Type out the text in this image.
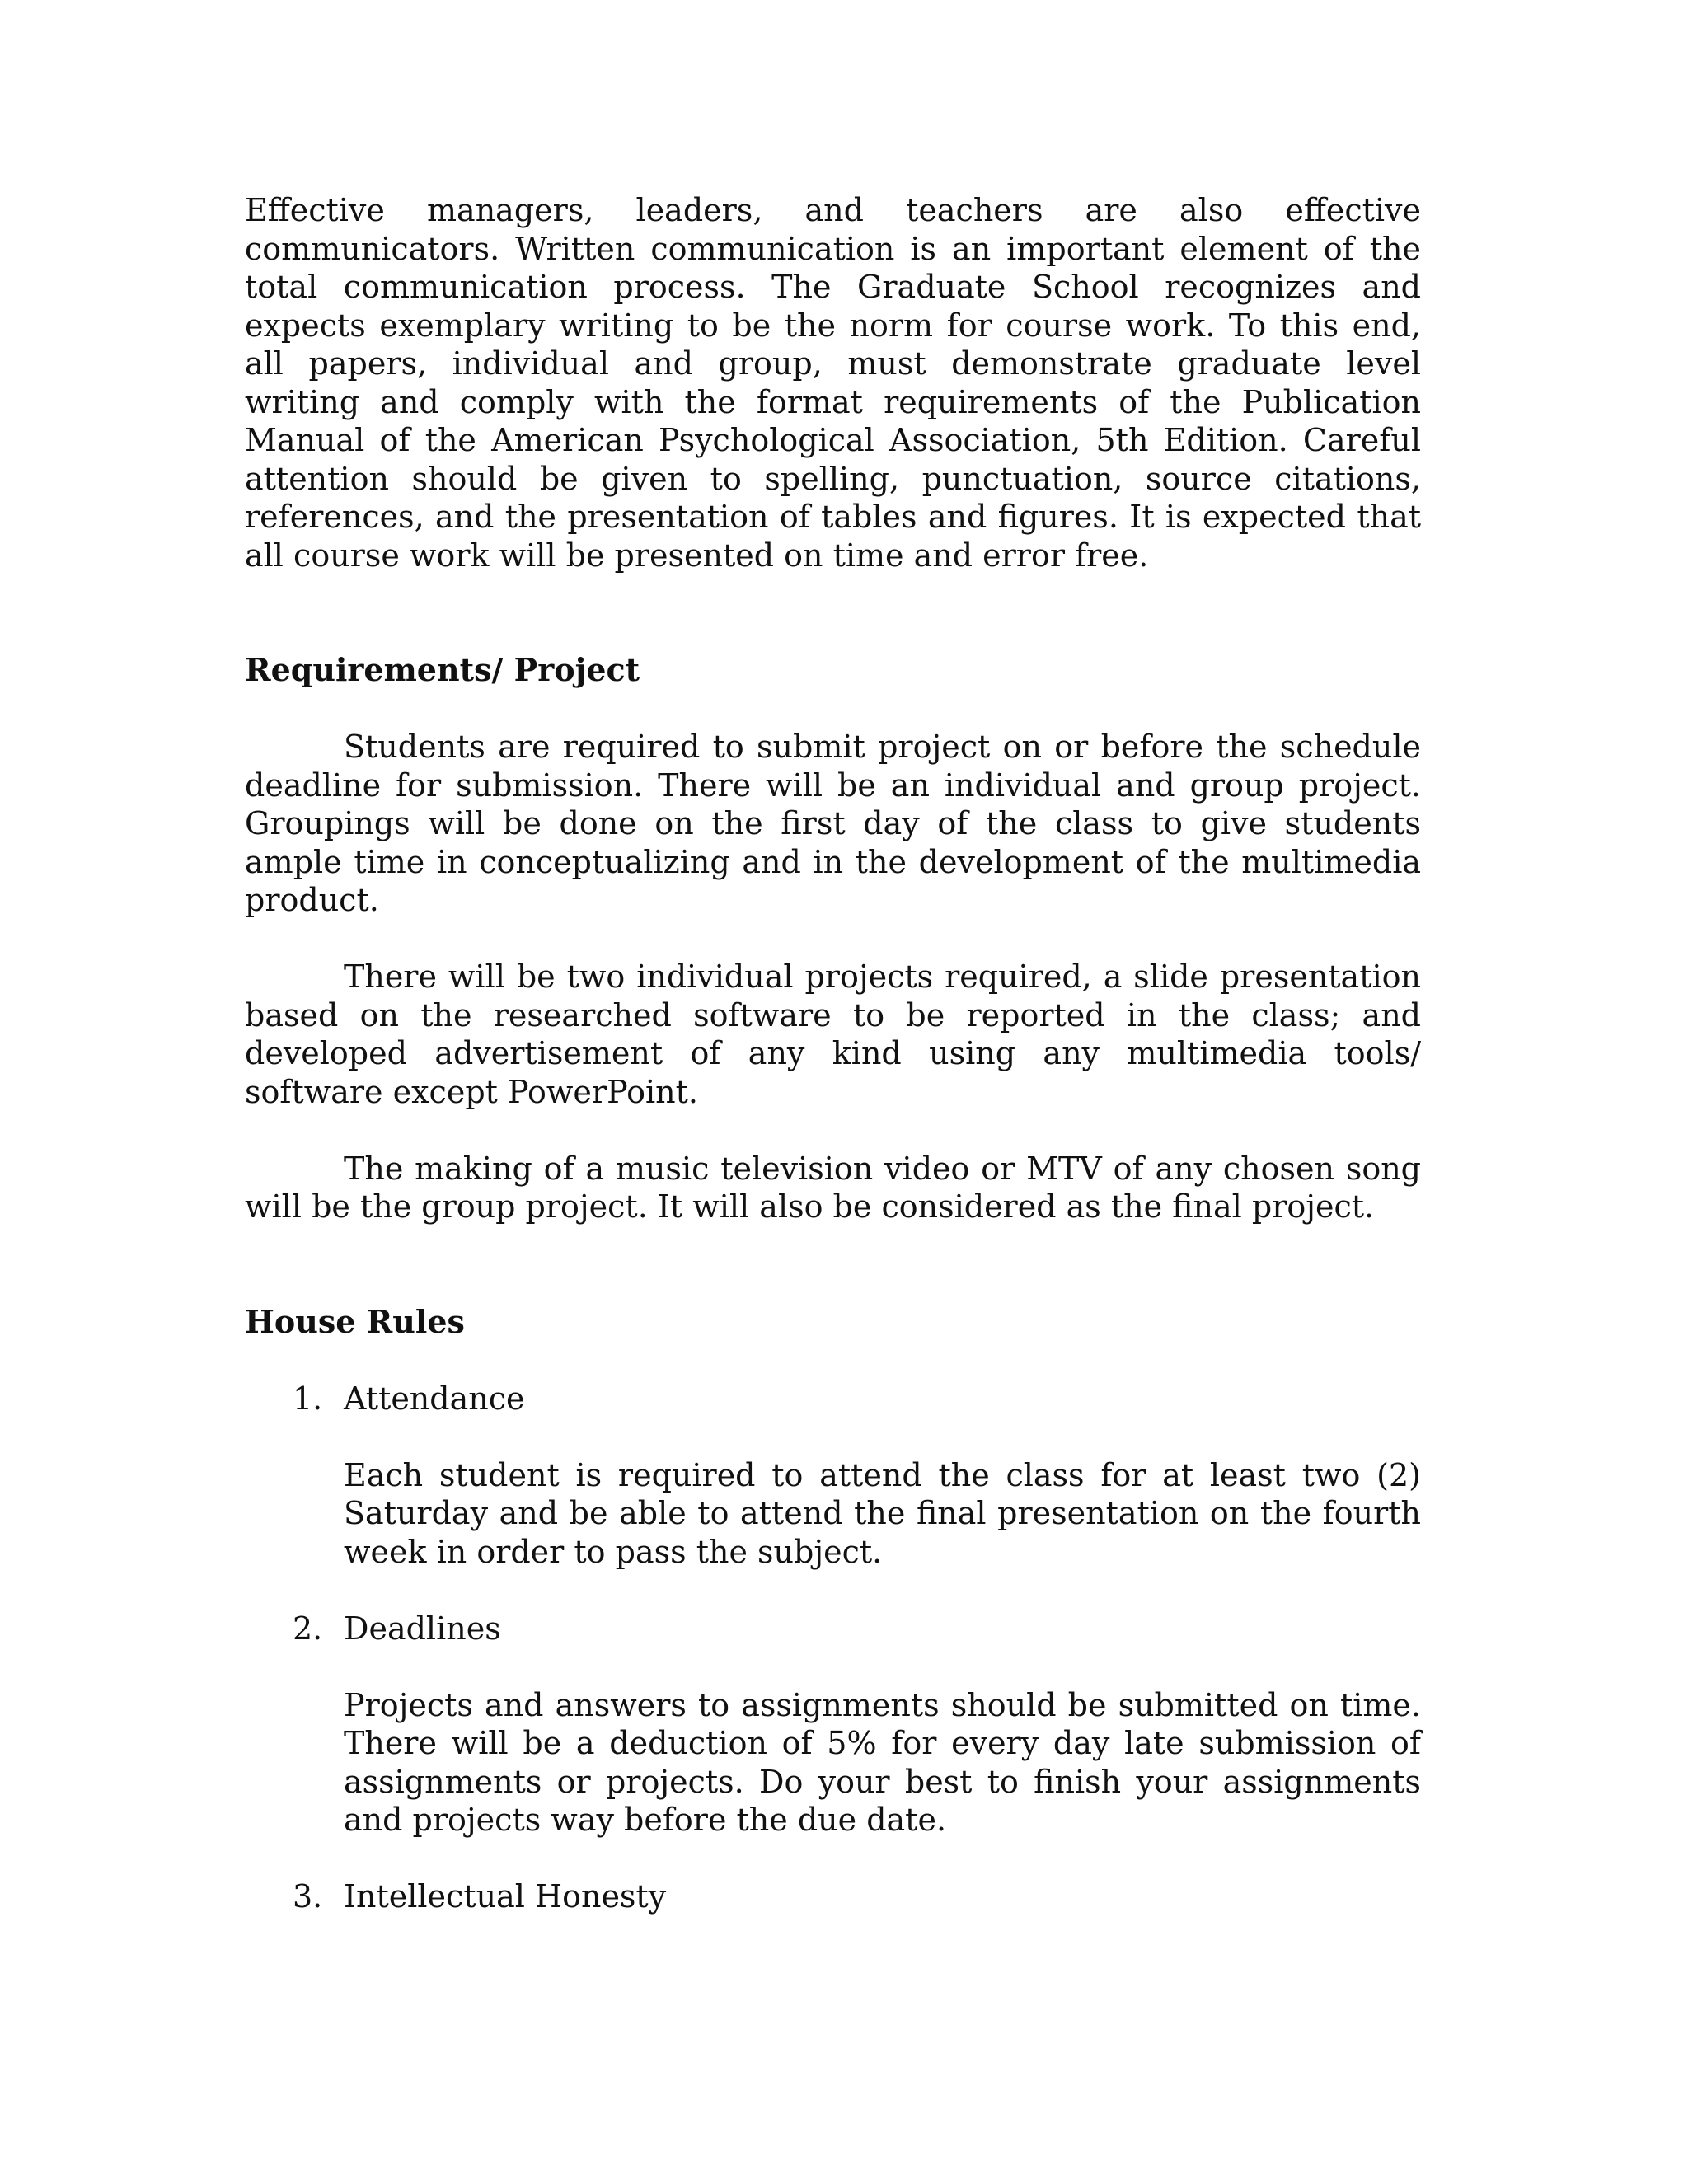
Effective managers, leaders, and teachers are also effective communicators. Written communication is an important element of the total communication process. The Graduate School recognizes and expects exemplary writing to be the norm for course work. To this end, all papers, individual and group, must demonstrate graduate level writing and comply with the format requirements of the Publication Manual of the American Psychological Association, 5th Edition. Careful attention should be given to spelling, punctuation, source citations, references, and the presentation of tables and figures. It is expected that all course work will be presented on time and error free.

Requirements/ Project

Students are required to submit project on or before the schedule deadline for submission. There will be an individual and group project. Groupings will be done on the first day of the class to give students ample time in conceptualizing and in the development of the multimedia product.

There will be two individual projects required, a slide presentation based on the researched software to be reported in the class; and developed advertisement of any kind using any multimedia tools/ software except PowerPoint.

The making of a music television video or MTV of any chosen song will be the group project. It will also be considered as the final project.

House Rules
1. Attendance

Each student is required to attend the class for at least two (2) Saturday and be able to attend the final presentation on the fourth week in order to pass the subject.

2. Deadlines

Projects and answers to assignments should be submitted on time. There will be a deduction of 5% for every day late submission of assignments or projects. Do your best to finish your assignments and projects way before the due date.

3. Intellectual Honesty
